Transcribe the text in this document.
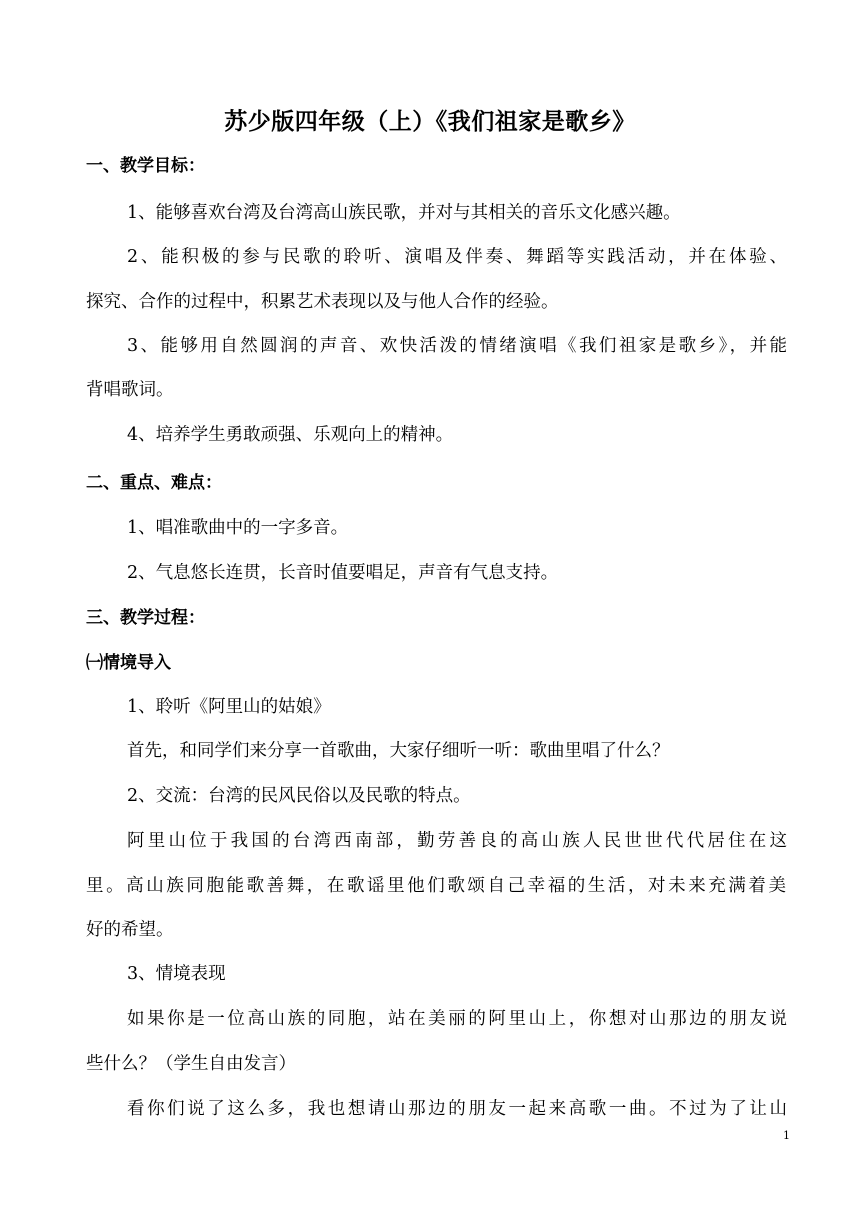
苏少版四年级（上）《我们祖家是歌乡》
一、教学目标：
1、能够喜欢台湾及台湾高山族民歌，并对与其相关的音乐文化感兴趣。
2、能积极的参与民歌的聆听、演唱及伴奏、舞蹈等实践活动，并在体验、
探究、合作的过程中，积累艺术表现以及与他人合作的经验。
3、能够用自然圆润的声音、欢快活泼的情绪演唱《我们祖家是歌乡》，并能
背唱歌词。
4、培养学生勇敢顽强、乐观向上的精神。
二、重点、难点：
1、唱准歌曲中的一字多音。
2、气息悠长连贯，长音时值要唱足，声音有气息支持。
三、教学过程：
㈠情境导入
1、聆听《阿里山的姑娘》
首先，和同学们来分享一首歌曲，大家仔细听一听：歌曲里唱了什么？
2、交流：台湾的民风民俗以及民歌的特点。
阿里山位于我国的台湾西南部，勤劳善良的高山族人民世世代代居住在这
里。高山族同胞能歌善舞，在歌谣里他们歌颂自己幸福的生活，对未来充满着美
好的希望。
3、情境表现
如果你是一位高山族的同胞，站在美丽的阿里山上，你想对山那边的朋友说
些什么？（学生自由发言）
看你们说了这么多，我也想请山那边的朋友一起来高歌一曲。不过为了让山
1
